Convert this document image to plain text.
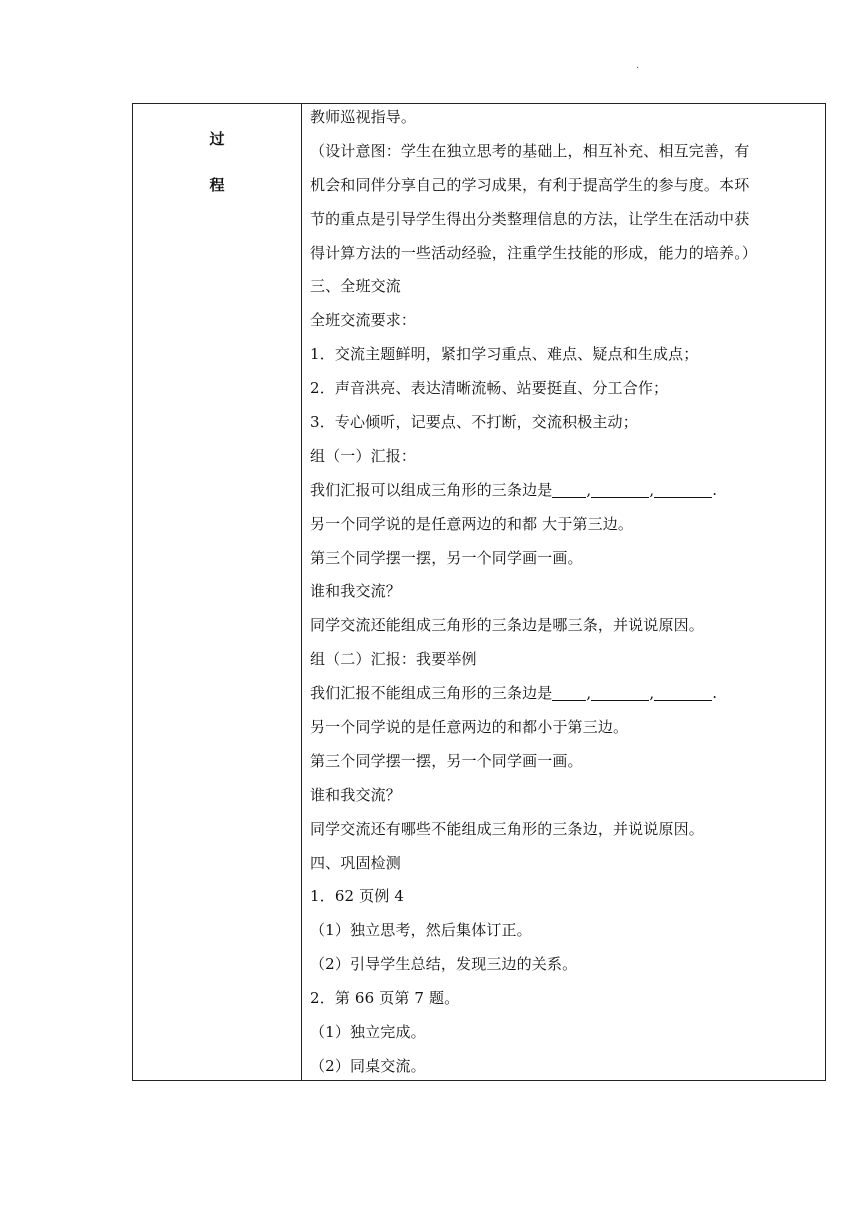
.
过
程
教师巡视指导。
（设计意图：学生在独立思考的基础上，相互补充、相互完善，有
机会和同伴分享自己的学习成果，有利于提高学生的参与度。本环
节的重点是引导学生得出分类整理信息的方法，让学生在活动中获
得计算方法的一些活动经验，注重学生技能的形成，能力的培养。）
三、全班交流
全班交流要求：
1．交流主题鲜明，紧扣学习重点、难点、疑点和生成点；
2．声音洪亮、表达清晰流畅、站要挺直、分工合作；
3．专心倾听，记要点、不打断，交流积极主动；
组（一）汇报：
我们汇报可以组成三角形的三条边是 ,	,	.
另一个同学说的是任意两边的和都 大于第三边。
第三个同学摆一摆，另一个同学画一画。
谁和我交流？
同学交流还能组成三角形的三条边是哪三条，并说说原因。
组（二）汇报：我要举例
我们汇报不能组成三角形的三条边是 ,	,	.
另一个同学说的是任意两边的和都小于第三边。
第三个同学摆一摆，另一个同学画一画。
谁和我交流？
同学交流还有哪些不能组成三角形的三条边，并说说原因。
四、巩固检测
1．62 页例 4
（1）独立思考，然后集体订正。
（2）引导学生总结，发现三边的关系。
2．第 66 页第 7 题。
（1）独立完成。
（2）同桌交流。
